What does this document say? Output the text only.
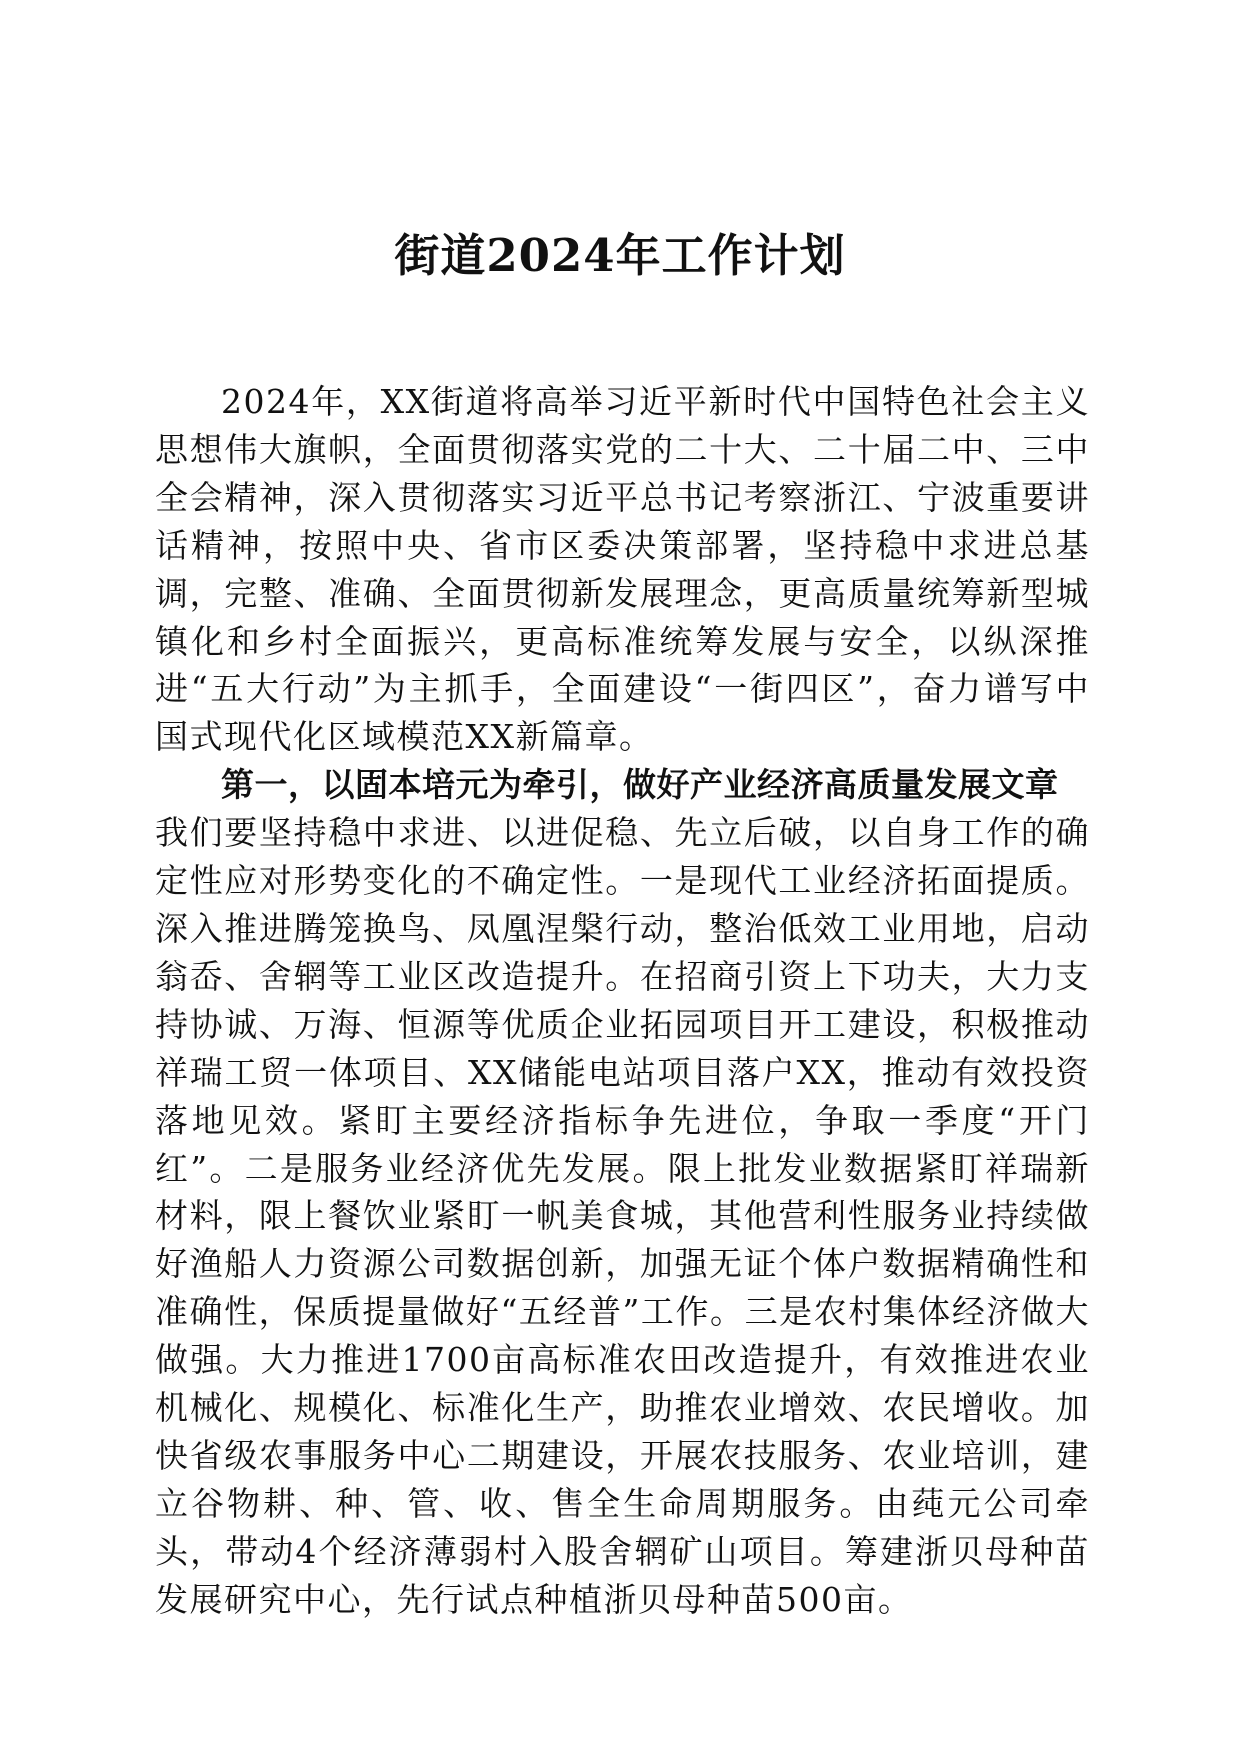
街道2024年工作计划

2024年，XX街道将高举习近平新时代中国特色社会主义思想伟大旗帜，全面贯彻落实党的二十大、二十届二中、三中全会精神，深入贯彻落实习近平总书记考察浙江、宁波重要讲话精神，按照中央、省市区委决策部署，坚持稳中求进总基调，完整、准确、全面贯彻新发展理念，更高质量统筹新型城镇化和乡村全面振兴，更高标准统筹发展与安全，以纵深推进“五大行动”为主抓手，全面建设“一街四区”，奋力谱写中国式现代化区域模范XX新篇章。

第一，以固本培元为牵引，做好产业经济高质量发展文章

我们要坚持稳中求进、以进促稳、先立后破，以自身工作的确定性应对形势变化的不确定性。一是现代工业经济拓面提质。深入推进腾笼换鸟、凤凰涅槃行动，整治低效工业用地，启动翁岙、舍辋等工业区改造提升。在招商引资上下功夫，大力支持协诚、万海、恒源等优质企业拓园项目开工建设，积极推动祥瑞工贸一体项目、XX储能电站项目落户XX，推动有效投资落地见效。紧盯主要经济指标争先进位，争取一季度“开门红”。二是服务业经济优先发展。限上批发业数据紧盯祥瑞新材料，限上餐饮业紧盯一帆美食城，其他营利性服务业持续做好渔船人力资源公司数据创新，加强无证个体户数据精确性和准确性，保质提量做好“五经普”工作。三是农村集体经济做大做强。大力推进1700亩高标准农田改造提升，有效推进农业机械化、规模化、标准化生产，助推农业增效、农民增收。加快省级农事服务中心二期建设，开展农技服务、农业培训，建立谷物耕、种、管、收、售全生命周期服务。由莼元公司牵头，带动4个经济薄弱村入股舍辋矿山项目。筹建浙贝母种苗发展研究中心，先行试点种植浙贝母种苗500亩。
